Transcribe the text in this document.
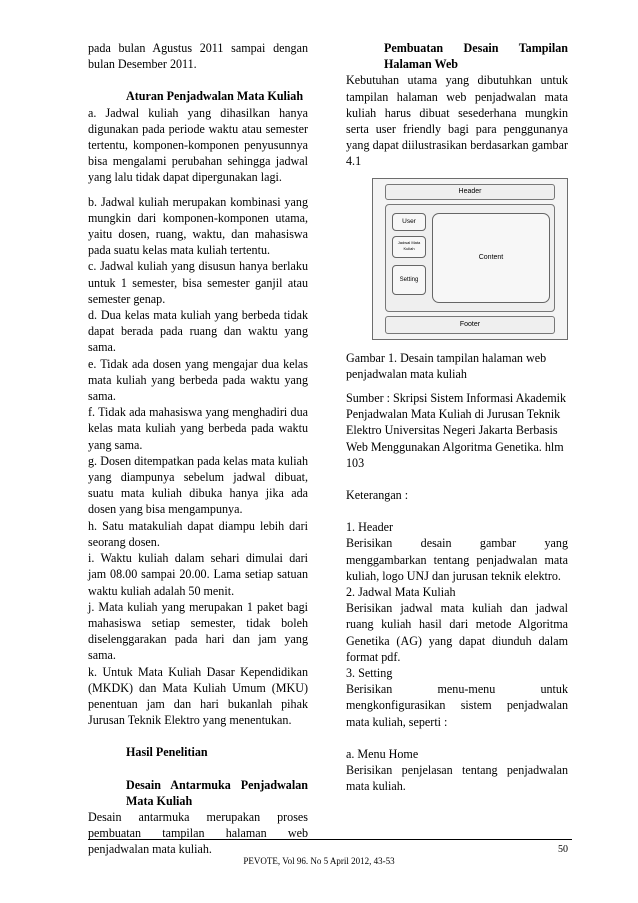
pada bulan Agustus 2011 sampai dengan bulan Desember 2011.

Aturan Penjadwalan Mata Kuliah

a. Jadwal kuliah yang dihasilkan hanya digunakan pada periode waktu atau semester tertentu, komponen-komponen penyusunnya bisa mengalami perubahan sehingga jadwal yang lalu tidak dapat dipergunakan lagi.

b. Jadwal kuliah merupakan kombinasi yang mungkin dari komponen-komponen utama, yaitu dosen, ruang, waktu, dan mahasiswa pada suatu kelas mata kuliah tertentu.

c. Jadwal kuliah yang disusun hanya berlaku untuk 1 semester, bisa semester ganjil atau semester genap.

d. Dua kelas mata kuliah yang berbeda tidak dapat berada pada ruang dan waktu yang sama.

e. Tidak ada dosen yang mengajar dua kelas mata kuliah yang berbeda pada waktu yang sama.

f. Tidak ada mahasiswa yang menghadiri dua kelas mata kuliah yang berbeda pada waktu yang sama.

g. Dosen ditempatkan pada kelas mata kuliah yang diampunya sebelum jadwal dibuat, suatu mata kuliah dibuka hanya jika ada dosen yang bisa mengampunya.

h. Satu matakuliah dapat diampu lebih dari seorang dosen.

i. Waktu kuliah dalam sehari dimulai dari jam 08.00 sampai 20.00. Lama setiap satuan waktu kuliah adalah 50 menit.

j. Mata kuliah yang merupakan 1 paket bagi mahasiswa setiap semester, tidak boleh diselenggarakan pada hari dan jam yang sama.

k. Untuk Mata Kuliah Dasar Kependidikan (MKDK) dan Mata Kuliah Umum (MKU) penentuan jam dan hari bukanlah pihak Jurusan Teknik Elektro yang menentukan.

Hasil Penelitian

Desain Antarmuka Penjadwalan Mata Kuliah

Desain antarmuka merupakan proses pembuatan tampilan halaman web penjadwalan mata kuliah.

Pembuatan Desain Tampilan Halaman Web

Kebutuhan utama yang dibutuhkan untuk tampilan halaman web penjadwalan mata kuliah harus dibuat sesederhana mungkin serta user friendly bagi para penggunanya yang dapat diilustrasikan berdasarkan gambar 4.1

Header
User
Jadwal Mata Kuliah
Setting
Content
Footer

Gambar 1. Desain tampilan halaman web penjadwalan mata kuliah

Sumber : Skripsi Sistem Informasi Akademik Penjadwalan Mata Kuliah di Jurusan Teknik Elektro Universitas Negeri Jakarta Berbasis Web Menggunakan Algoritma Genetika. hlm 103

Keterangan :

1. Header

Berisikan desain gambar yang menggambarkan tentang penjadwalan mata kuliah, logo UNJ dan jurusan teknik elektro.

2. Jadwal Mata Kuliah

Berisikan jadwal mata kuliah dan jadwal ruang kuliah hasil dari metode Algoritma Genetika (AG) yang dapat diunduh dalam format pdf.

3. Setting

Berisikan menu-menu untuk mengkonfigurasikan sistem penjadwalan mata kuliah, seperti :

a. Menu Home

Berisikan penjelasan tentang penjadwalan mata kuliah.

50
PEVOTE, Vol 96. No 5 April 2012, 43-53
